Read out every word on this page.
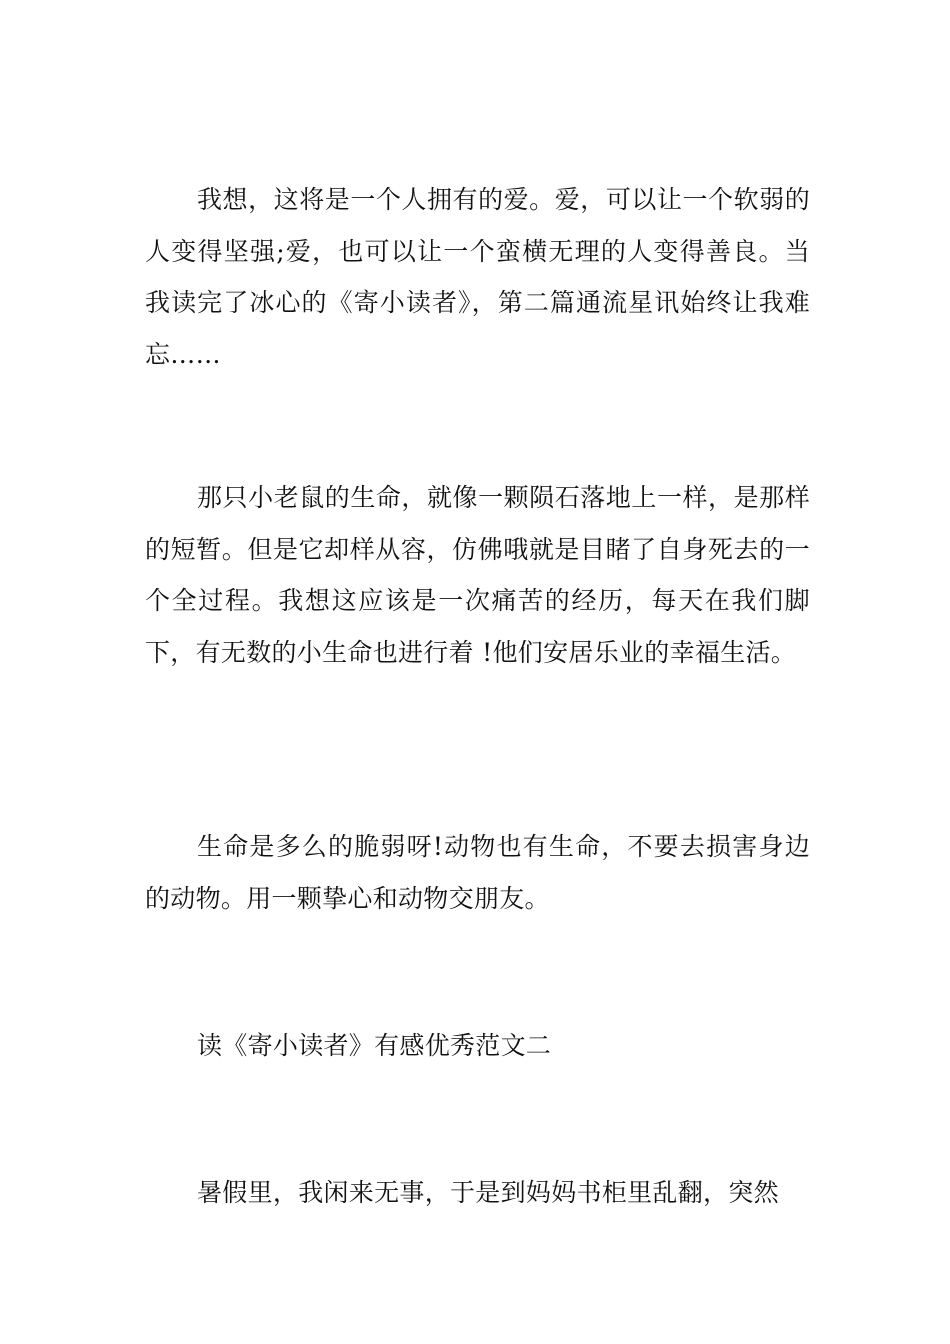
我想，这将是一个人拥有的爱。爱，可以让一个软弱的人变得坚强;爱，也可以让一个蛮横无理的人变得善良。当我读完了冰心的《寄小读者》，第二篇通流星讯始终让我难忘……

那只小老鼠的生命，就像一颗陨石落地上一样，是那样的短暂。但是它却样从容，仿佛哦就是目睹了自身死去的一个全过程。我想这应该是一次痛苦的经历，每天在我们脚下，有无数的小生命也进行着 !他们安居乐业的幸福生活。

生命是多么的脆弱呀!动物也有生命，不要去损害身边的动物。用一颗挚心和动物交朋友。

读《寄小读者》有感优秀范文二

暑假里，我闲来无事，于是到妈妈书柜里乱翻，突然
